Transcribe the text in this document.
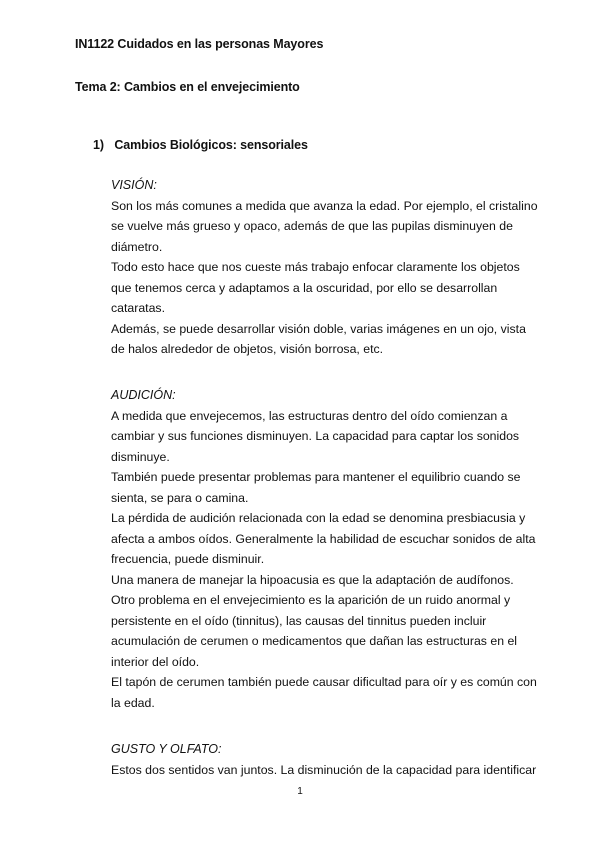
IN1122 Cuidados en las personas Mayores
Tema 2: Cambios en el envejecimiento
1) Cambios Biológicos: sensoriales
VISIÓN:
Son los más comunes a medida que avanza la edad. Por ejemplo, el cristalino
se vuelve más grueso y opaco, además de que las pupilas disminuyen de
diámetro.
Todo esto hace que nos cueste más trabajo enfocar claramente los objetos
que tenemos cerca y adaptamos a la oscuridad, por ello se desarrollan
cataratas.
Además, se puede desarrollar visión doble, varias imágenes en un ojo, vista
de halos alrededor de objetos, visión borrosa, etc.
AUDICIÓN:
A medida que envejecemos, las estructuras dentro del oído comienzan a
cambiar y sus funciones disminuyen. La capacidad para captar los sonidos
disminuye.
También puede presentar problemas para mantener el equilibrio cuando se
sienta, se para o camina.
La pérdida de audición relacionada con la edad se denomina presbiacusia y
afecta a ambos oídos. Generalmente la habilidad de escuchar sonidos de alta
frecuencia, puede disminuir.
Una manera de manejar la hipoacusia es que la adaptación de audífonos.
Otro problema en el envejecimiento es la aparición de un ruido anormal y
persistente en el oído (tinnitus), las causas del tinnitus pueden incluir
acumulación de cerumen o medicamentos que dañan las estructuras en el
interior del oído.
El tapón de cerumen también puede causar dificultad para oír y es común con
la edad.
GUSTO Y OLFATO:
Estos dos sentidos van juntos. La disminución de la capacidad para identificar
1
